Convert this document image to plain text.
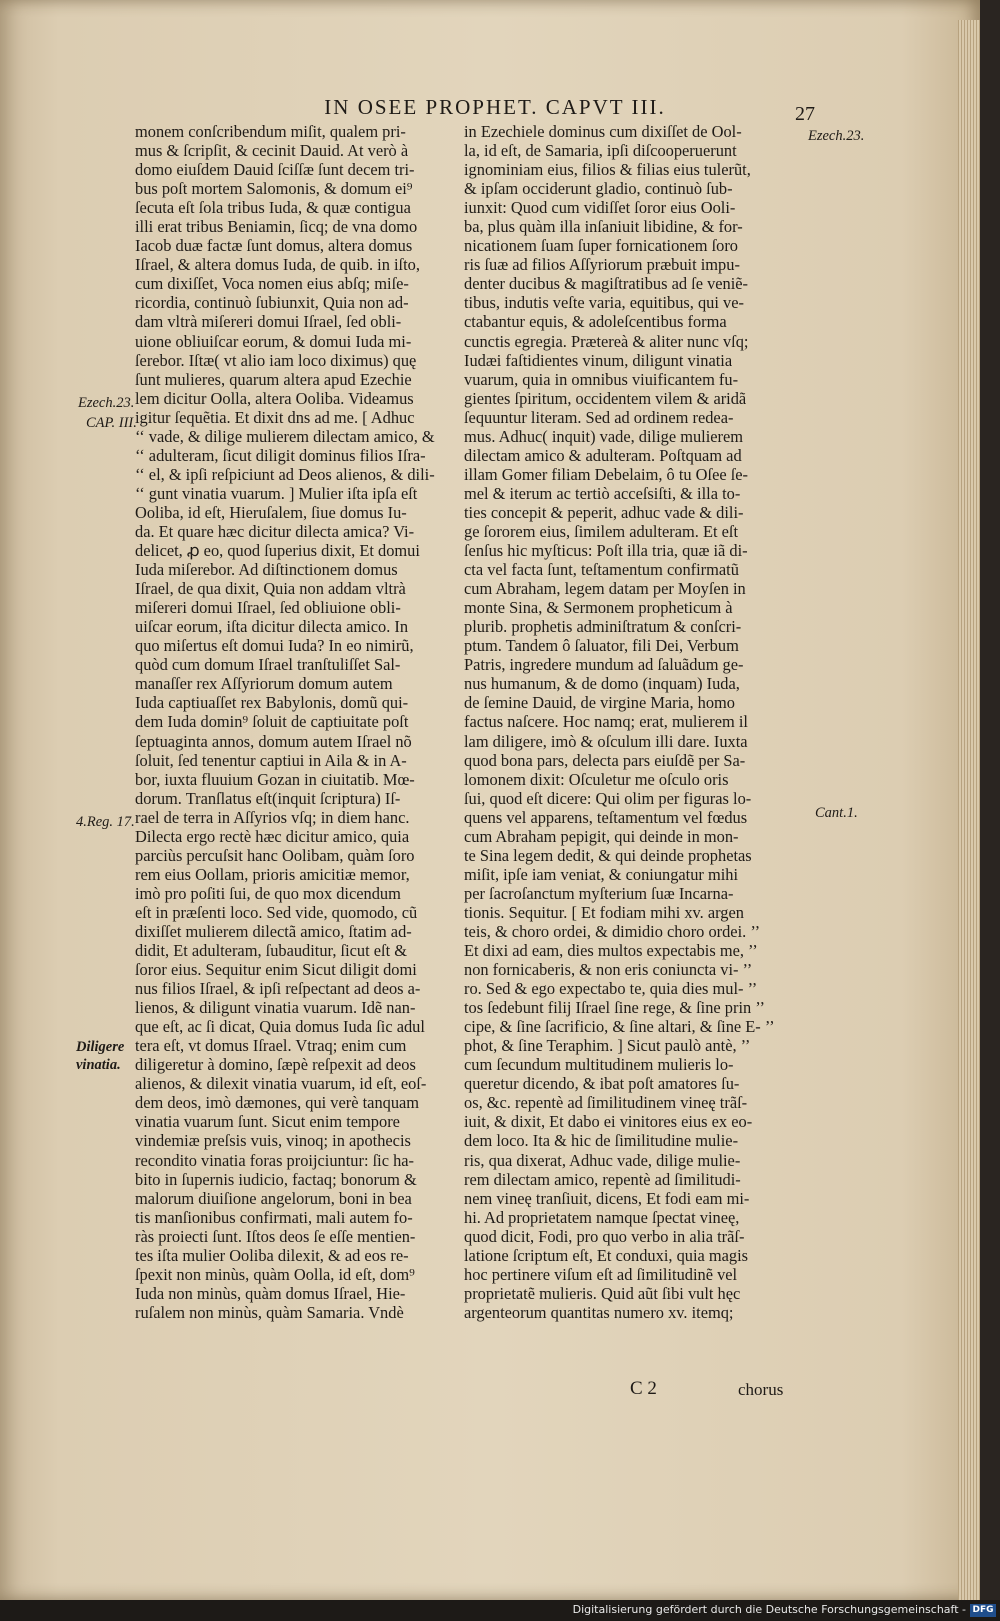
IN OSEE PROPHET. CAPVT III.	27
monem conſcribendum miſit, qualem pri-
mus & ſcripſit, & cecinit Dauid. At verò à
domo eiuſdem Dauid ſciſſæ ſunt decem tri-
bus poſt mortem Salomonis, & domum ei⁹
ſecuta eſt ſola tribus Iuda, & quæ contigua
illi erat tribus Beniamin, ſicq; de vna domo
Iacob duæ factæ ſunt domus, altera domus
Iſrael, & altera domus Iuda, de quib. in iſto,
cum dixiſſet, Voca nomen eius abſq; miſe-
ricordia, continuò ſubiunxit, Quia non ad-
dam vltrà miſereri domui Iſrael, ſed obli-
uione obliuiſcar eorum, & domui Iuda mi-
ſerebor. Iſtæ( vt alio iam loco diximus) quę
ſunt mulieres, quarum altera apud Ezechie
lem dicitur Oolla, altera Ooliba. Videamus
igitur ſequẽtia. Et dixit dns ad me. [ Adhuc
‘‘ vade, & dilige mulierem dilectam amico, &
‘‘ adulteram, ſicut diligit dominus filios Iſra-
‘‘ el, & ipſi reſpiciunt ad Deos alienos, & dili-
‘‘ gunt vinatia vuarum. ] Mulier iſta ipſa eſt
Ooliba, id eſt, Hieruſalem, ſiue domus Iu-
da. Et quare hæc dicitur dilecta amica? Vi-
delicet, ꝓ eo, quod ſuperius dixit, Et domui
Iuda miſerebor. Ad diſtinctionem domus
Iſrael, de qua dixit, Quia non addam vltrà
miſereri domui Iſrael, ſed obliuione obli-
uiſcar eorum, iſta dicitur dilecta amico. In
quo miſertus eſt domui Iuda? In eo nimirũ,
quòd cum domum Iſrael tranſtuliſſet Sal-
manaſſer rex Aſſyriorum domum autem
Iuda captiuaſſet rex Babylonis, domũ qui-
dem Iuda domin⁹ ſoluit de captiuitate poſt
ſeptuaginta annos, domum autem Iſrael nõ
ſoluit, ſed tenentur captiui in Aila & in A-
bor, iuxta fluuium Gozan in ciuitatib. Mœ-
dorum. Tranſlatus eſt(inquit ſcriptura) Iſ-
rael de terra in Aſſyrios vſq; in diem hanc.
Dilecta ergo rectè hæc dicitur amico, quia
parciùs percuſsit hanc Oolibam, quàm ſoro
rem eius Oollam, prioris amicitiæ memor,
imò pro poſiti ſui, de quo mox dicendum
eſt in præſenti loco. Sed vide, quomodo, cũ
dixiſſet mulierem dilectã amico, ſtatim ad-
didit, Et adulteram, ſubauditur, ſicut eſt &
ſoror eius. Sequitur enim Sicut diligit domi
nus filios Iſrael, & ipſi reſpectant ad deos a-
lienos, & diligunt vinatia vuarum. Idẽ nan-
que eſt, ac ſi dicat, Quia domus Iuda ſic adul
tera eſt, vt domus Iſrael. Vtraq; enim cum
diligeretur à domino, ſæpè reſpexit ad deos
alienos, & dilexit vinatia vuarum, id eſt, eoſ-
dem deos, imò dæmones, qui verè tanquam
vinatia vuarum ſunt. Sicut enim tempore
vindemiæ preſsis vuis, vinoq; in apothecis
recondito vinatia foras proijciuntur: ſic ha-
bito in ſupernis iudicio, factaq; bonorum &
malorum diuiſione angelorum, boni in bea
tis manſionibus confirmati, mali autem fo-
ràs proiecti ſunt. Iſtos deos ſe eſſe mentien-
tes iſta mulier Ooliba dilexit, & ad eos re-
ſpexit non minùs, quàm Oolla, id eſt, dom⁹
Iuda non minùs, quàm domus Iſrael, Hie-
ruſalem non minùs, quàm Samaria. Vndè
in Ezechiele dominus cum dixiſſet de Ool-
la, id eſt, de Samaria, ipſi diſcooperuerunt
ignominiam eius, filios & filias eius tulerũt,
& ipſam occiderunt gladio, continuò ſub-
iunxit: Quod cum vidiſſet ſoror eius Ooli-
ba, plus quàm illa inſaniuit libidine, & for-
nicationem ſuam ſuper fornicationem ſoro
ris ſuæ ad filios Aſſyriorum præbuit impu-
denter ducibus & magiſtratibus ad ſe veniẽ-
tibus, indutis veſte varia, equitibus, qui ve-
ctabantur equis, & adoleſcentibus forma
cunctis egregia. Prætereà & aliter nunc vſq;
Iudæi faſtidientes vinum, diligunt vinatia
vuarum, quia in omnibus viuificantem fu-
gientes ſpiritum, occidentem vilem & aridã
ſequuntur literam. Sed ad ordinem redea-
mus. Adhuc( inquit) vade, dilige mulierem
dilectam amico & adulteram. Poſtquam ad
illam Gomer filiam Debelaim, ô tu Oſee ſe-
mel & iterum ac tertiò acceſsiſti, & illa to-
ties concepit & peperit, adhuc vade & dili-
ge ſororem eius, ſimilem adulteram. Et eſt
ſenſus hic myſticus: Poſt illa tria, quæ iã di-
cta vel facta ſunt, teſtamentum confirmatũ
cum Abraham, legem datam per Moyſen in
monte Sina, & Sermonem propheticum à
plurib. prophetis adminiſtratum & conſcri-
ptum. Tandem ô ſaluator, fili Dei, Verbum
Patris, ingredere mundum ad ſaluãdum ge-
nus humanum, & de domo (inquam) Iuda,
de ſemine Dauid, de virgine Maria, homo
factus naſcere. Hoc namq; erat, mulierem il
lam diligere, imò & oſculum illi dare. Iuxta
quod bona pars, delecta pars eiuſdẽ per Sa-
lomonem dixit: Oſculetur me oſculo oris
ſui, quod eſt dicere: Qui olim per figuras lo-
quens vel apparens, teſtamentum vel fœdus
cum Abraham pepigit, qui deinde in mon-
te Sina legem dedit, & qui deinde prophetas
miſit, ipſe iam veniat, & coniungatur mihi
per ſacroſanctum myſterium ſuæ Incarna-
tionis. Sequitur. [ Et fodiam mihi xv. argen
teis, & choro ordei, & dimidio choro ordei. ’’
Et dixi ad eam, dies multos expectabis me, ’’
non fornicaberis, & non eris coniuncta vi- ’’
ro. Sed & ego expectabo te, quia dies mul- ’’
tos ſedebunt filij Iſrael ſine rege, & ſine prin ’’
cipe, & ſine ſacrificio, & ſine altari, & ſine E- ’’
phot, & ſine Teraphim. ] Sicut paulò antè, ’’
cum ſecundum multitudinem mulieris lo-
queretur dicendo, & ibat poſt amatores ſu-
os, &c. repentè ad ſimilitudinem vineę trãſ-
iuit, & dixit, Et dabo ei vinitores eius ex eo-
dem loco. Ita & hic de ſimilitudine mulie-
ris, qua dixerat, Adhuc vade, dilige mulie-
rem dilectam amico, repentè ad ſimilitudi-
nem vineę tranſiuit, dicens, Et fodi eam mi-
hi. Ad proprietatem namque ſpectat vineę,
quod dicit, Fodi, pro quo verbo in alia trãſ-
latione ſcriptum eſt, Et conduxi, quia magis
hoc pertinere viſum eſt ad ſimilitudinẽ vel
proprietatẽ mulieris. Quid aũt ſibi vult hęc
argenteorum quantitas numero xv. itemq;
Ezech.23.
CAP. III.
4.Reg. 17.
Diligere
vinatia.
Ezech.23.
Cant.1.
C 2	chorus
Digitalisierung gefördert durch die Deutsche Forschungsgemeinschaft - DFG
